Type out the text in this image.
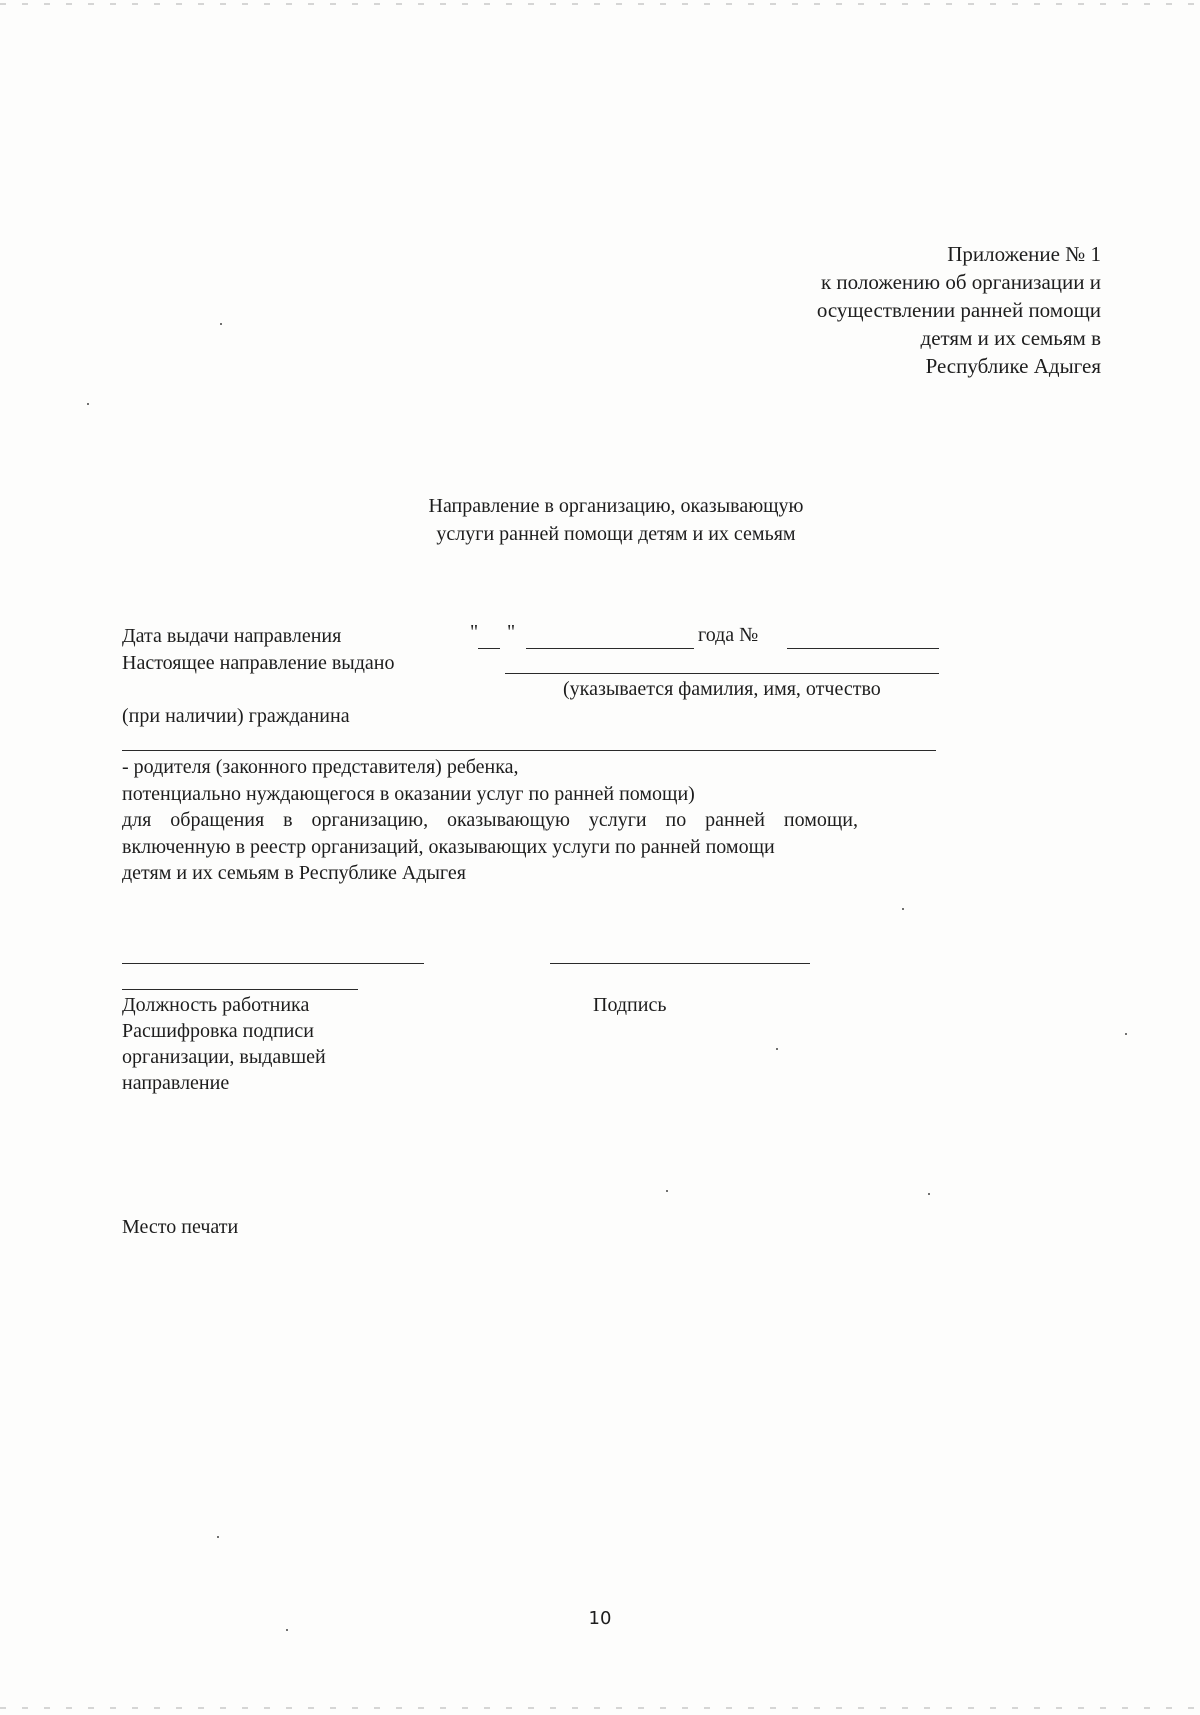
Приложение № 1
к положению об организации и
осуществлении ранней помощи
детям и их семьям в
Республике Адыгея
Направление в организацию, оказывающую
услуги ранней помощи детям и их семьям
Дата выдачи направления	" "	года №
Настоящее направление выдано
(указывается фамилия, имя, отчество
(при наличии) гражданина
- родителя (законного представителя) ребенка,
потенциально нуждающегося в оказании услуг по ранней помощи)
для обращения в организацию, оказывающую услуги по ранней помощи,
включенную в реестр организаций, оказывающих услуги по ранней помощи
детям и их семьям в Республике Адыгея
Должность работника
Расшифровка подписи
организации, выдавшей
направление
Подпись
Место печати
10
